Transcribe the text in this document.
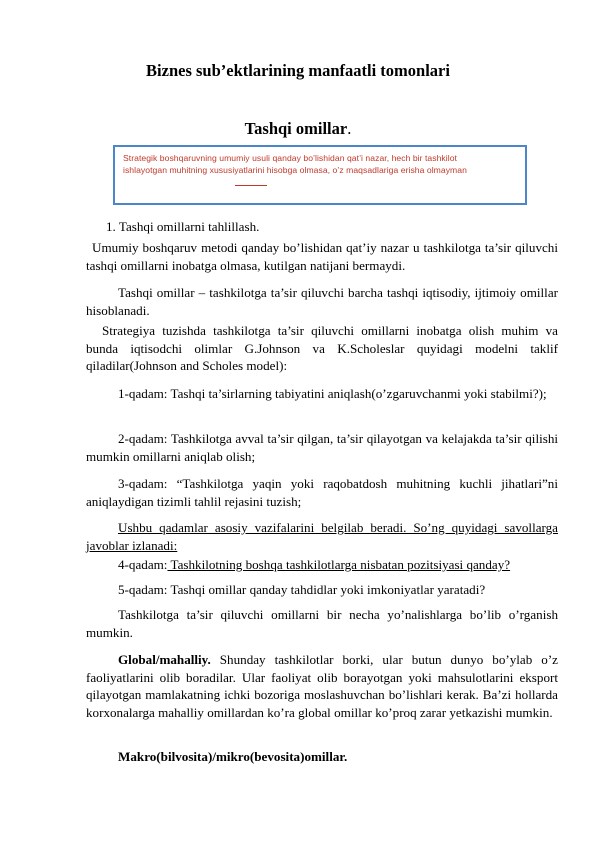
Biznes sub’ektlarining manfaatli tomonlari
Tashqi omillar.
Strategik boshqaruvning umumiy usuli qanday bo’lishidan qat’i nazar, hech bir tashkilot
ishlayotgan muhitning xususiyatlarini hisobga olmasa, o’z maqsadlariga erisha olmayman
1. Tashqi omillarni tahlillash.
Umumiy boshqaruv metodi qanday bo’lishidan qat’iy nazar u tashkilotga ta’sir qiluvchi tashqi omillarni inobatga olmasa, kutilgan natijani bermaydi.
Tashqi omillar – tashkilotga ta’sir qiluvchi barcha tashqi iqtisodiy, ijtimoiy omillar hisoblanadi.
Strategiya tuzishda tashkilotga ta’sir qiluvchi omillarni inobatga olish muhim va bunda iqtisodchi olimlar G.Johnson va K.Scholeslar quyidagi modelni taklif qiladilar(Johnson and Scholes model):
1-qadam: Tashqi ta’sirlarning tabiyatini aniqlash(o’zgaruvchanmi yoki stabilmi?);
2-qadam: Tashkilotga avval ta’sir qilgan, ta’sir qilayotgan va kelajakda ta’sir qilishi mumkin omillarni aniqlab olish;
3-qadam: “Tashkilotga yaqin yoki raqobatdosh muhitning kuchli jihatlari”ni aniqlaydigan tizimli tahlil rejasini tuzish;
Ushbu qadamlar asosiy vazifalarini belgilab beradi. So’ng quyidagi savollarga javoblar izlanadi:
4-qadam: Tashkilotning boshqa tashkilotlarga nisbatan pozitsiyasi qanday?
5-qadam: Tashqi omillar qanday tahdidlar yoki imkoniyatlar yaratadi?
Tashkilotga ta’sir qiluvchi omillarni bir necha yo’nalishlarga bo’lib o’rganish mumkin.
Global/mahalliy. Shunday tashkilotlar borki, ular butun dunyo bo’ylab o’z faoliyatlarini olib boradilar. Ular faoliyat olib borayotgan yoki mahsulotlarini eksport qilayotgan mamlakatning ichki bozoriga moslashuvchan bo’lishlari kerak. Ba’zi hollarda korxonalarga mahalliy omillardan ko’ra global omillar ko’proq zarar yetkazishi mumkin.
Makro(bilvosita)/mikro(bevosita)omillar.
